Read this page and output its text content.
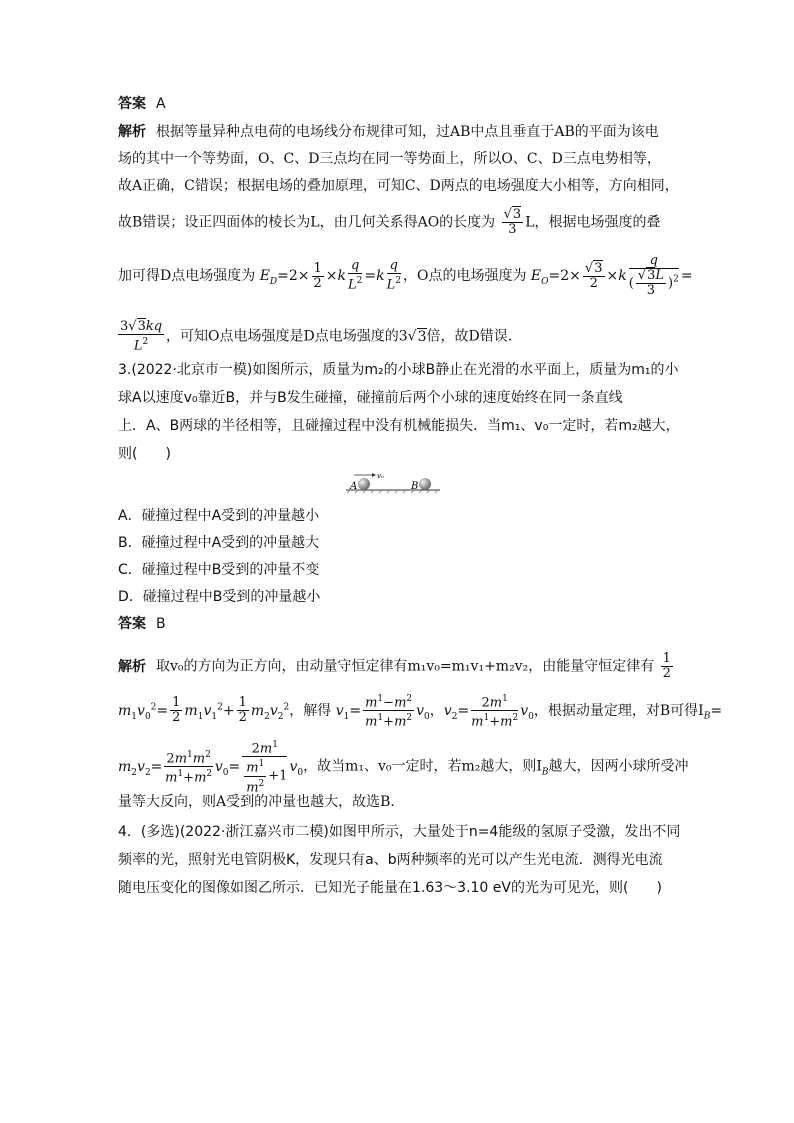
答案 A
解析 根据等量异种点电荷的电场线分布规律可知，过AB中点且垂直于AB的平面为该电
场的其中一个等势面，O、C、D三点均在同一等势面上，所以O、C、D三点电势相等，
故A正确，C错误；根据电场的叠加原理，可知C、D两点的电场强度大小相等，方向相同，
故B错误；设正四面体的棱长为L，由几何关系得AO的长度为 $\frac{√3}{3}$ L，根据电场强度的叠
加可得D点电场强度为 $E_D=2\times \frac{1}{2} \times k \frac{q}{L^2} =k \frac{q}{L^2}$ ，O点的电场强度为 $E_O=2\times \frac{√3}{2} \times k \frac{q}{( \frac{√3L}{3} )^2}$ =
$\frac{3√3kq}{L^2}$ ，可知O点电场强度是D点电场强度的3√3倍，故D错误.
3.(2022·北京市一模)如图所示，质量为m₂的小球B静止在光滑的水平面上，质量为m₁的小
球A以速度v₀靠近B，并与B发生碰撞，碰撞前后两个小球的速度始终在同一条直线
上．A、B两球的半径相等，且碰撞过程中没有机械能损失．当m₁、v₀一定时，若m₂越大，
则(　　)
v₀
A	B
A．碰撞过程中A受到的冲量越小
B．碰撞过程中A受到的冲量越大
C．碰撞过程中B受到的冲量不变
D．碰撞过程中B受到的冲量越小
答案 B
解析 取v₀的方向为正方向，由动量守恒定律有m₁v₀=m₁v₁+m₂v₂，由能量守恒定律有 $\frac{1}{2}$
$m_1v_0^2= \frac{1}{2} m_1v_1^2+ \frac{1}{2} m_2v_2^2$，解得 $v_1= \frac{m^1-m^2}{m^1+m^2} v_0$，$v_2= \frac{2m^1}{m^1+m^2} v_0$，根据动量定理，对B可得$I_B=$
$m_2v_2= \frac{2m^1m^2}{m^1+m^2} v_0= \frac{2m^1}{\frac{m^1}{m^2} +1} v_0$，故当m₁、v₀一定时，若m₂越大，则$I_B$越大，因两小球所受冲
量等大反向，则A受到的冲量也越大，故选B.
4．(多选)(2022·浙江嘉兴市二模)如图甲所示，大量处于n=4能级的氢原子受激，发出不同
频率的光，照射光电管阴极K，发现只有a、b两种频率的光可以产生光电流．测得光电流
随电压变化的图像如图乙所示．已知光子能量在1.63～3.10 eV的光为可见光，则(　　)
